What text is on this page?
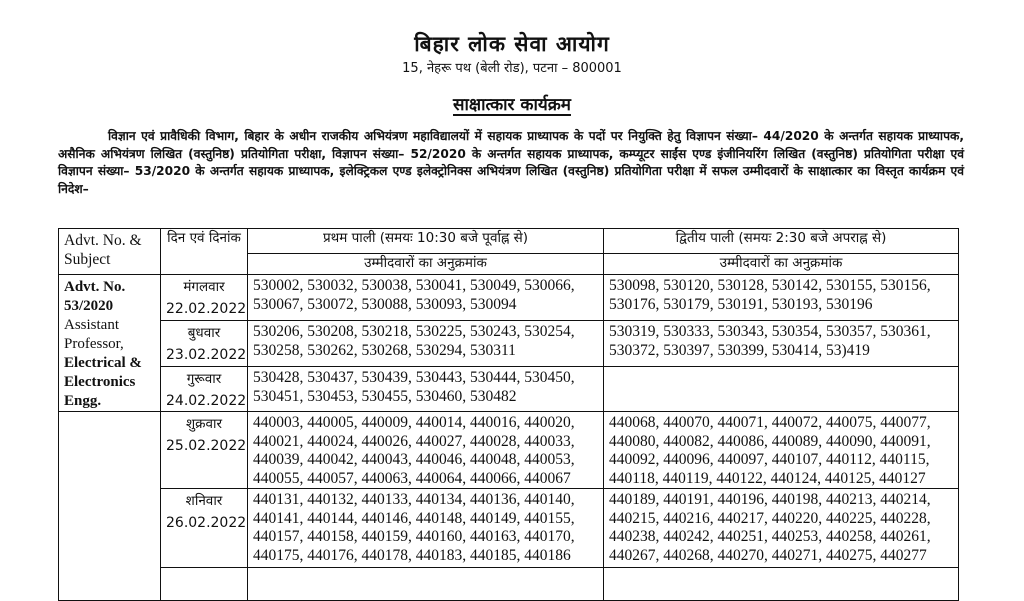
बिहार लोक सेवा आयोग
15, नेहरू पथ (बेली रोड), पटना – 800001
साक्षात्कार कार्यक्रम
विज्ञान एवं प्रावैधिकी विभाग, बिहार के अधीन राजकीय अभियंत्रण महाविद्यालयों में सहायक प्राध्यापक के पदों पर नियुक्ति हेतु विज्ञापन संख्या– 44/2020 के अन्तर्गत सहायक प्राध्यापक, असैनिक अभियंत्रण लिखित (वस्तुनिष्ठ) प्रतियोगिता परीक्षा, विज्ञापन संख्या– 52/2020 के अन्तर्गत सहायक प्राध्यापक, कम्प्यूटर साईंस एण्ड इंजीनियरिंग लिखित (वस्तुनिष्ठ) प्रतियोगिता परीक्षा एवं विज्ञापन संख्या– 53/2020 के अन्तर्गत सहायक प्राध्यापक, इलेक्ट्रिकल एण्ड इलेक्ट्रोनिक्स अभियंत्रण लिखित (वस्तुनिष्ठ) प्रतियोगिता परीक्षा में सफल उम्मीदवारों के साक्षात्कार का विस्तृत कार्यक्रम एवं निदेश–
Advt. No. & Subject	दिन एवं दिनांक	प्रथम पाली (समयः 10:30 बजे पूर्वाह्न से)	द्वितीय पाली (समयः 2:30 बजे अपराह्न से)
		उम्मीदवारों का अनुक्रमांक	उम्मीदवारों का अनुक्रमांक
Advt. No. 53/2020
Assistant Professor,
Electrical & Electronics Engg.	मंगलवार
22.02.2022	530002, 530032, 530038, 530041, 530049, 530066, 530067, 530072, 530088, 530093, 530094	530098, 530120, 530128, 530142, 530155, 530156, 530176, 530179, 530191, 530193, 530196
	बुधवार
23.02.2022	530206, 530208, 530218, 530225, 530243, 530254, 530258, 530262, 530268, 530294, 530311	530319, 530333, 530343, 530354, 530357, 530361, 530372, 530397, 530399, 530414, 53)419
	गुरूवार
24.02.2022	530428, 530437, 530439, 530443, 530444, 530450, 530451, 530453, 530455, 530460, 530482	
	शुक्रवार
25.02.2022	440003, 440005, 440009, 440014, 440016, 440020, 440021, 440024, 440026, 440027, 440028, 440033, 440039, 440042, 440043, 440046, 440048, 440053, 440055, 440057, 440063, 440064, 440066, 440067	440068, 440070, 440071, 440072, 440075, 440077, 440080, 440082, 440086, 440089, 440090, 440091, 440092, 440096, 440097, 440107, 440112, 440115, 440118, 440119, 440122, 440124, 440125, 440127
	शनिवार
26.02.2022	440131, 440132, 440133, 440134, 440136, 440140, 440141, 440144, 440146, 440148, 440149, 440155, 440157, 440158, 440159, 440160, 440163, 440170, 440175, 440176, 440178, 440183, 440185, 440186	440189, 440191, 440196, 440198, 440213, 440214, 440215, 440216, 440217, 440220, 440225, 440228, 440238, 440242, 440251, 440253, 440258, 440261, 440267, 440268, 440270, 440271, 440275, 440277
